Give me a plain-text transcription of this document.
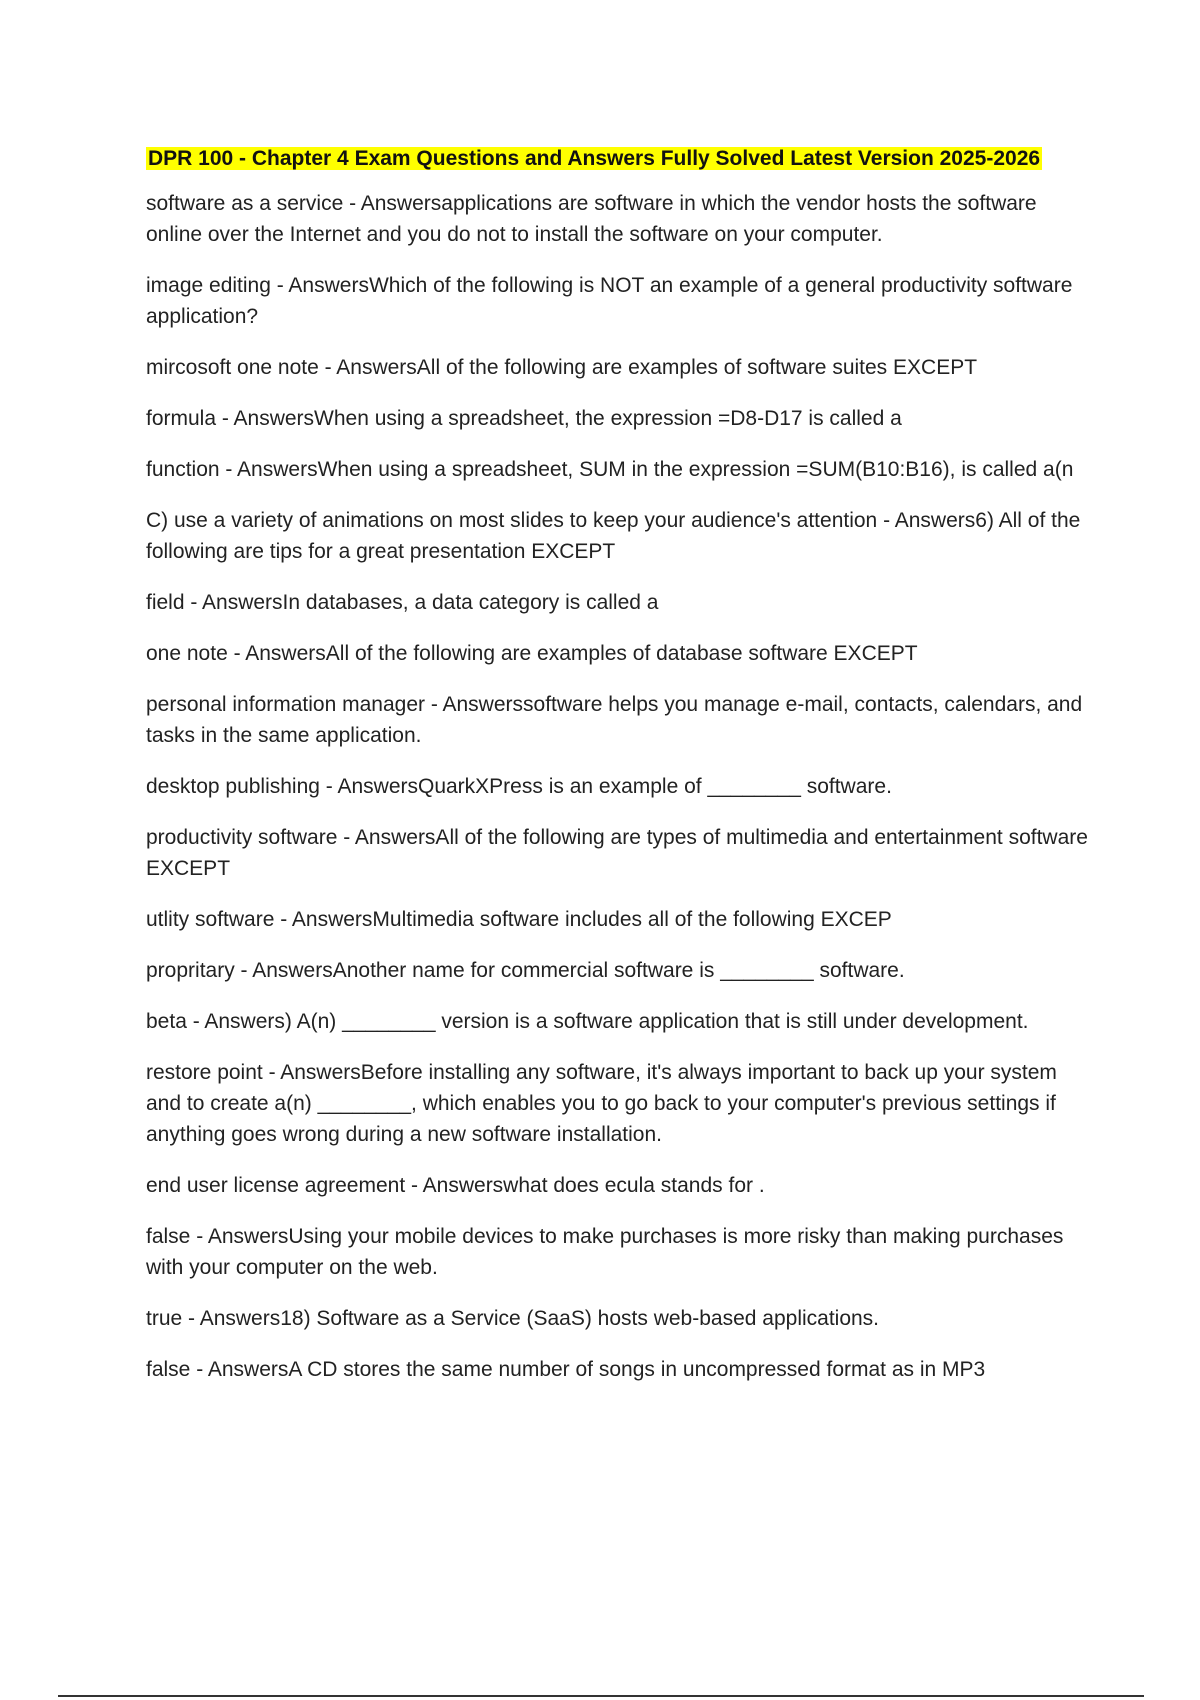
DPR 100 - Chapter 4 Exam Questions and Answers Fully Solved Latest Version 2025-2026
software as a service - Answersapplications are software in which the vendor hosts the software online over the Internet and you do not to install the software on your computer.
image editing - AnswersWhich of the following is NOT an example of a general productivity software application?
mircosoft one note - AnswersAll of the following are examples of software suites EXCEPT
formula - AnswersWhen using a spreadsheet, the expression =D8-D17 is called a
function - AnswersWhen using a spreadsheet, SUM in the expression =SUM(B10:B16), is called a(n
C) use a variety of animations on most slides to keep your audience's attention - Answers6) All of the following are tips for a great presentation EXCEPT
field - AnswersIn databases, a data category is called a
one note - AnswersAll of the following are examples of database software EXCEPT
personal information manager - Answerssoftware helps you manage e-mail, contacts, calendars, and tasks in the same application.
desktop publishing - AnswersQuarkXPress is an example of ________ software.
productivity software - AnswersAll of the following are types of multimedia and entertainment software EXCEPT
utlity software - AnswersMultimedia software includes all of the following EXCEP
propritary - AnswersAnother name for commercial software is ________ software.
beta - Answers) A(n) ________ version is a software application that is still under development.
restore point - AnswersBefore installing any software, it's always important to back up your system and to create a(n) ________, which enables you to go back to your computer's previous settings if anything goes wrong during a new software installation.
end user license agreement - Answerswhat does ecula stands for .
false - AnswersUsing your mobile devices to make purchases is more risky than making purchases with your computer on the web.
true - Answers18) Software as a Service (SaaS) hosts web-based applications.
false - AnswersA CD stores the same number of songs in uncompressed format as in MP3
